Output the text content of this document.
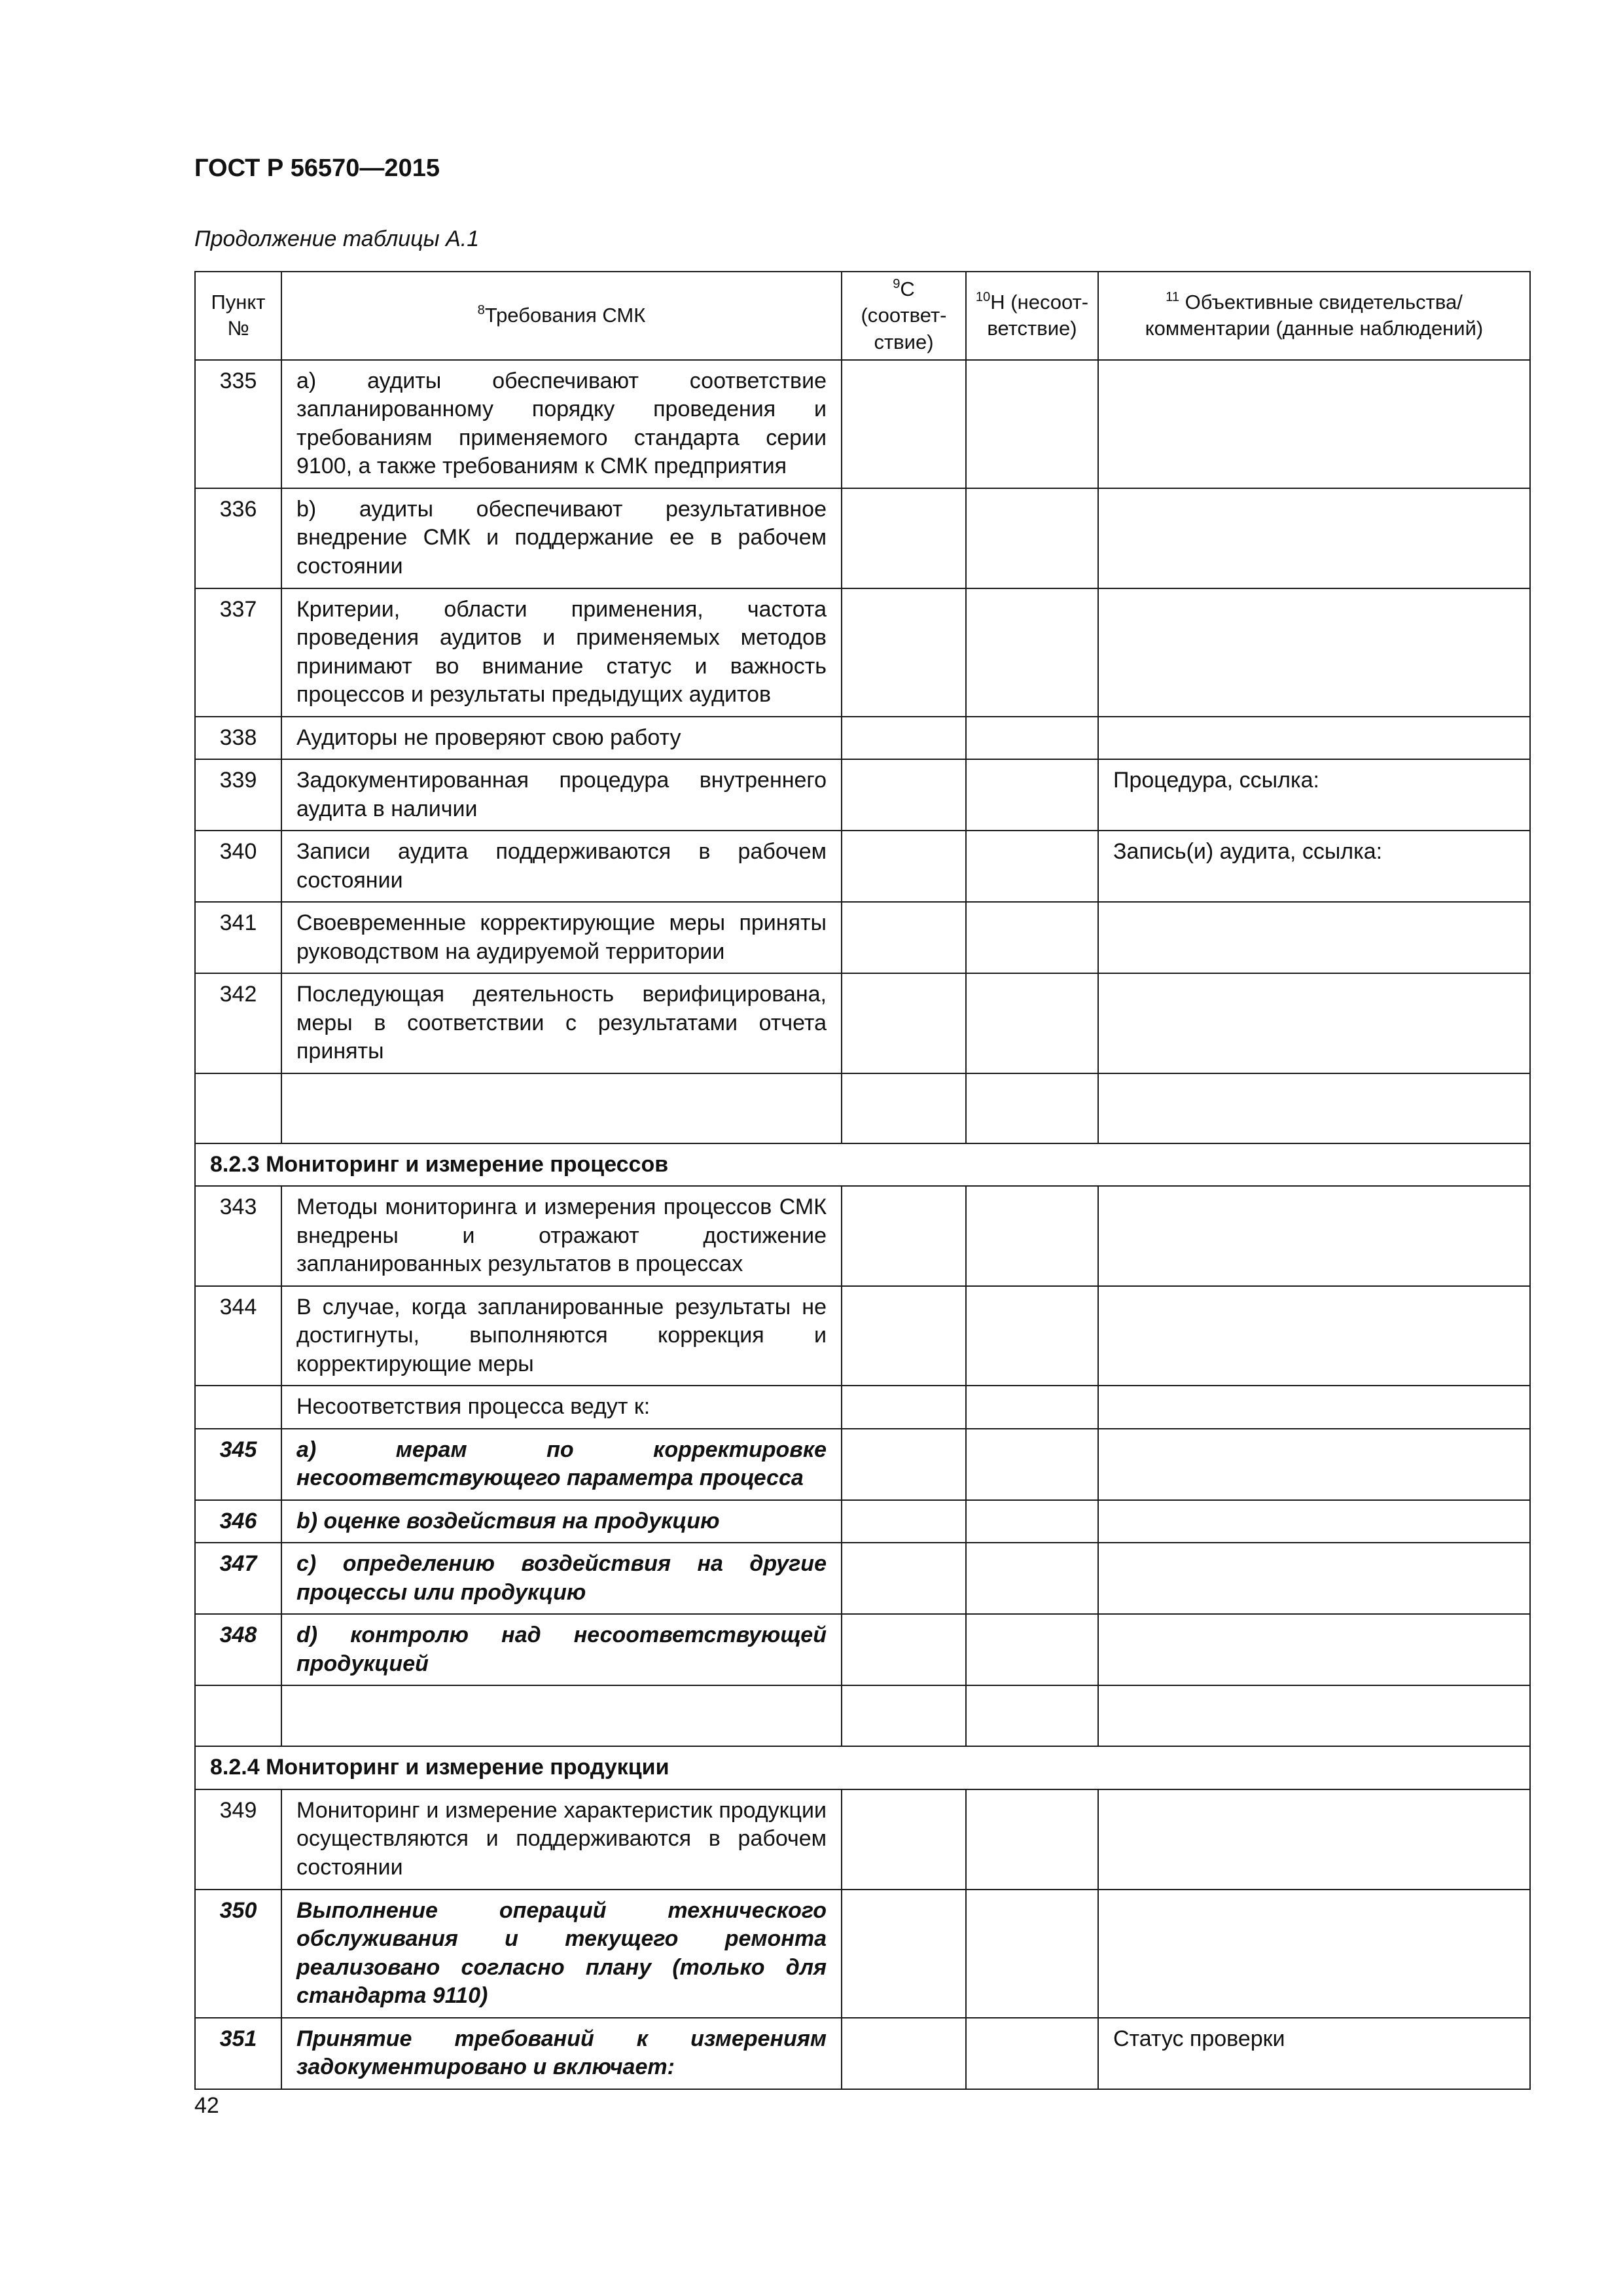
ГОСТ Р 56570—2015
Продолжение таблицы А.1
Пункт №	$^8$Требования СМК	$^9$С (соответ-ствие)	$^{10}$Н (несоот-ветствие)	$^{11}$ Объективные свидетельства/ комментарии (данные наблюдений)
335	a) аудиты обеспечивают соответствие запланированному порядку проведения и требованиям применяемого стандарта серии 9100, а также требованиям к СМК предприятия			
336	b) аудиты обеспечивают результативное внедрение СМК и поддержание ее в рабочем состоянии			
337	Критерии, области применения, частота проведения аудитов и применяемых методов принимают во внимание статус и важность процессов и результаты предыдущих аудитов			
338	Аудиторы не проверяют свою работу			
339	Задокументированная процедура внутреннего аудита в наличии			Процедура, ссылка:
340	Записи аудита поддерживаются в рабочем состоянии			Запись(и) аудита, ссылка:
341	Своевременные корректирующие меры приняты руководством на аудируемой территории			
342	Последующая деятельность верифицирована, меры в соответствии с результатами отчета приняты			

8.2.3 Мониторинг и измерение процессов				
343	Методы мониторинга и измерения процессов СМК внедрены и отражают достижение запланированных результатов в процессах			
344	В случае, когда запланированные результаты не достигнуты, выполняются коррекция и корректирующие меры			
	Несоответствия процесса ведут к:			
345	a) мерам по корректировке несоответствующего параметра процесса			
346	b) оценке воздействия на продукцию			
347	c) определению воздействия на другие процессы или продукцию			
348	d) контролю над несоответствующей продукцией			

8.2.4 Мониторинг и измерение продукции				
349	Мониторинг и измерение характеристик продукции осуществляются и поддерживаются в рабочем состоянии			
350	Выполнение операций технического обслуживания и текущего ремонта реализовано согласно плану (только для стандарта 9110)			
351	Принятие требований к измерениям задокументировано и включает:			Статус проверки
42
